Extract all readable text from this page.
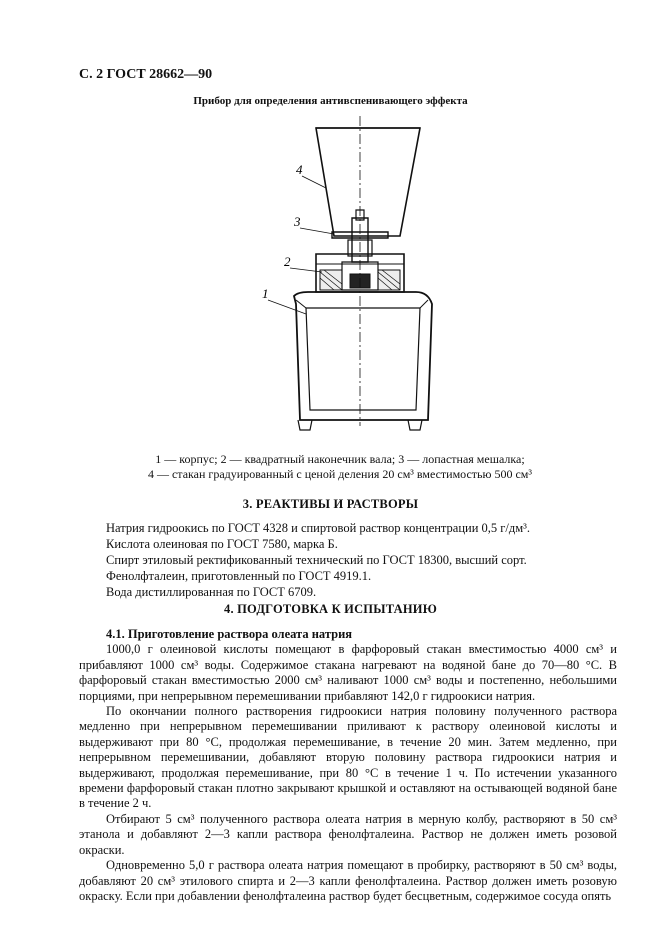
С. 2 ГОСТ 28662—90
Прибор для определения антивспенивающего эффекта
4
3
2
1
1 — корпус; 2 — квадратный наконечник вала; 3 — лопастная мешалка;
4 — стакан градуированный с ценой деления 20 см³ вместимостью 500 см³
3. РЕАКТИВЫ И РАСТВОРЫ
Натрия гидроокись по ГОСТ 4328 и спиртовой раствор концентрации 0,5 г/дм³.
Кислота олеиновая по ГОСТ 7580, марка Б.
Спирт этиловый ректификованный технический по ГОСТ 18300, высший сорт.
Фенолфталеин, приготовленный по ГОСТ 4919.1.
Вода дистиллированная по ГОСТ 6709.
4. ПОДГОТОВКА К ИСПЫТАНИЮ

4.1. Приготовление раствора олеата натрия

1000,0 г олеиновой кислоты помещают в фарфоровый стакан вместимостью 4000 см³ и прибавляют 1000 см³ воды. Содержимое стакана нагревают на водяной бане до 70—80 °С. В фарфоровый стакан вместимостью 2000 см³ наливают 1000 см³ воды и постепенно, небольшими порциями, при непрерывном перемешивании прибавляют 142,0 г гидроокиси натрия.

По окончании полного растворения гидроокиси натрия половину полученного раствора медленно при непрерывном перемешивании приливают к раствору олеиновой кислоты и выдерживают при 80 °С, продолжая перемешивание, в течение 20 мин. Затем медленно, при непрерывном перемешивании, добавляют вторую половину раствора гидроокиси натрия и выдерживают, продолжая перемешивание, при 80 °С в течение 1 ч. По истечении указанного времени фарфоровый стакан плотно закрывают крышкой и оставляют на остывающей водяной бане в течение 2 ч.

Отбирают 5 см³ полученного раствора олеата натрия в мерную колбу, растворяют в 50 см³ этанола и добавляют 2—3 капли раствора фенолфталеина. Раствор не должен иметь розовой окраски.

Одновременно 5,0 г раствора олеата натрия помещают в пробирку, растворяют в 50 см³ воды, добавляют 20 см³ этилового спирта и 2—3 капли фенолфталеина. Раствор должен иметь розовую окраску. Если при добавлении фенолфталеина раствор будет бесцветным, содержимое сосуда опять
